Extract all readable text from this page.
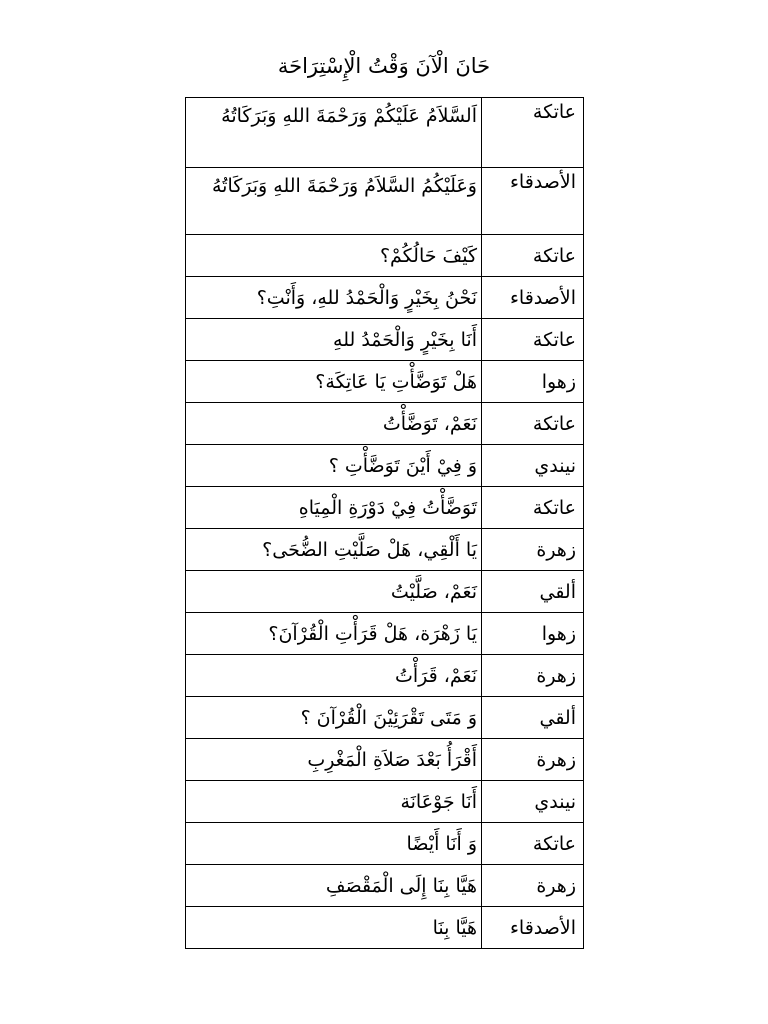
حَانَ الْآنَ وَقْتُ الْإِسْتِرَاحَة
عاتكة	اَلسَّلاَمُ عَلَيْكُمْ وَرَحْمَةَ اللهِ وَبَرَكَاتُهُ
الأصدقاء	وَعَلَيْكُمُ السَّلاَمُ وَرَحْمَةَ اللهِ وَبَرَكَاتُهُ
عاتكة	كَيْفَ حَالُكُمْ؟
الأصدقاء	نَحْنُ بِخَيْرٍ وَالْحَمْدُ للهِ، وَأَنْتِ؟
عاتكة	أَنَا بِخَيْرٍ وَالْحَمْدُ للهِ
زهوا	هَلْ تَوَضَّأْتِ يَا عَاتِكَة؟
عاتكة	نَعَمْ، تَوَضَّأْتُ
نيندي	وَ فِيْ أَيْنَ تَوَضَّأْتِ ؟
عاتكة	تَوَضَّأْتُ فِيْ دَوْرَةِ الْمِيَاهِ
زهرة	يَا أَلْقِي، هَلْ صَلَّيْتِ الضُّحَى؟
ألقي	نَعَمْ، صَلَّيْتُ
زهوا	يَا زَهْرَة، هَلْ قَرَأْتِ الْقُرْآنَ؟
زهرة	نَعَمْ، قَرَأْتُ
ألقي	وَ مَتَى تَقْرَئِيْنَ الْقُرْآنَ ؟
زهرة	أَقْرَأُ بَعْدَ صَلاَةِ الْمَغْرِبِ
نيندي	أَنَا جَوْعَانَة
عاتكة	وَ أَنَا أَيْضًا
زهرة	هَيَّا بِنَا إِلَى الْمَقْصَفِ
الأصدقاء	هَيَّا بِنَا
